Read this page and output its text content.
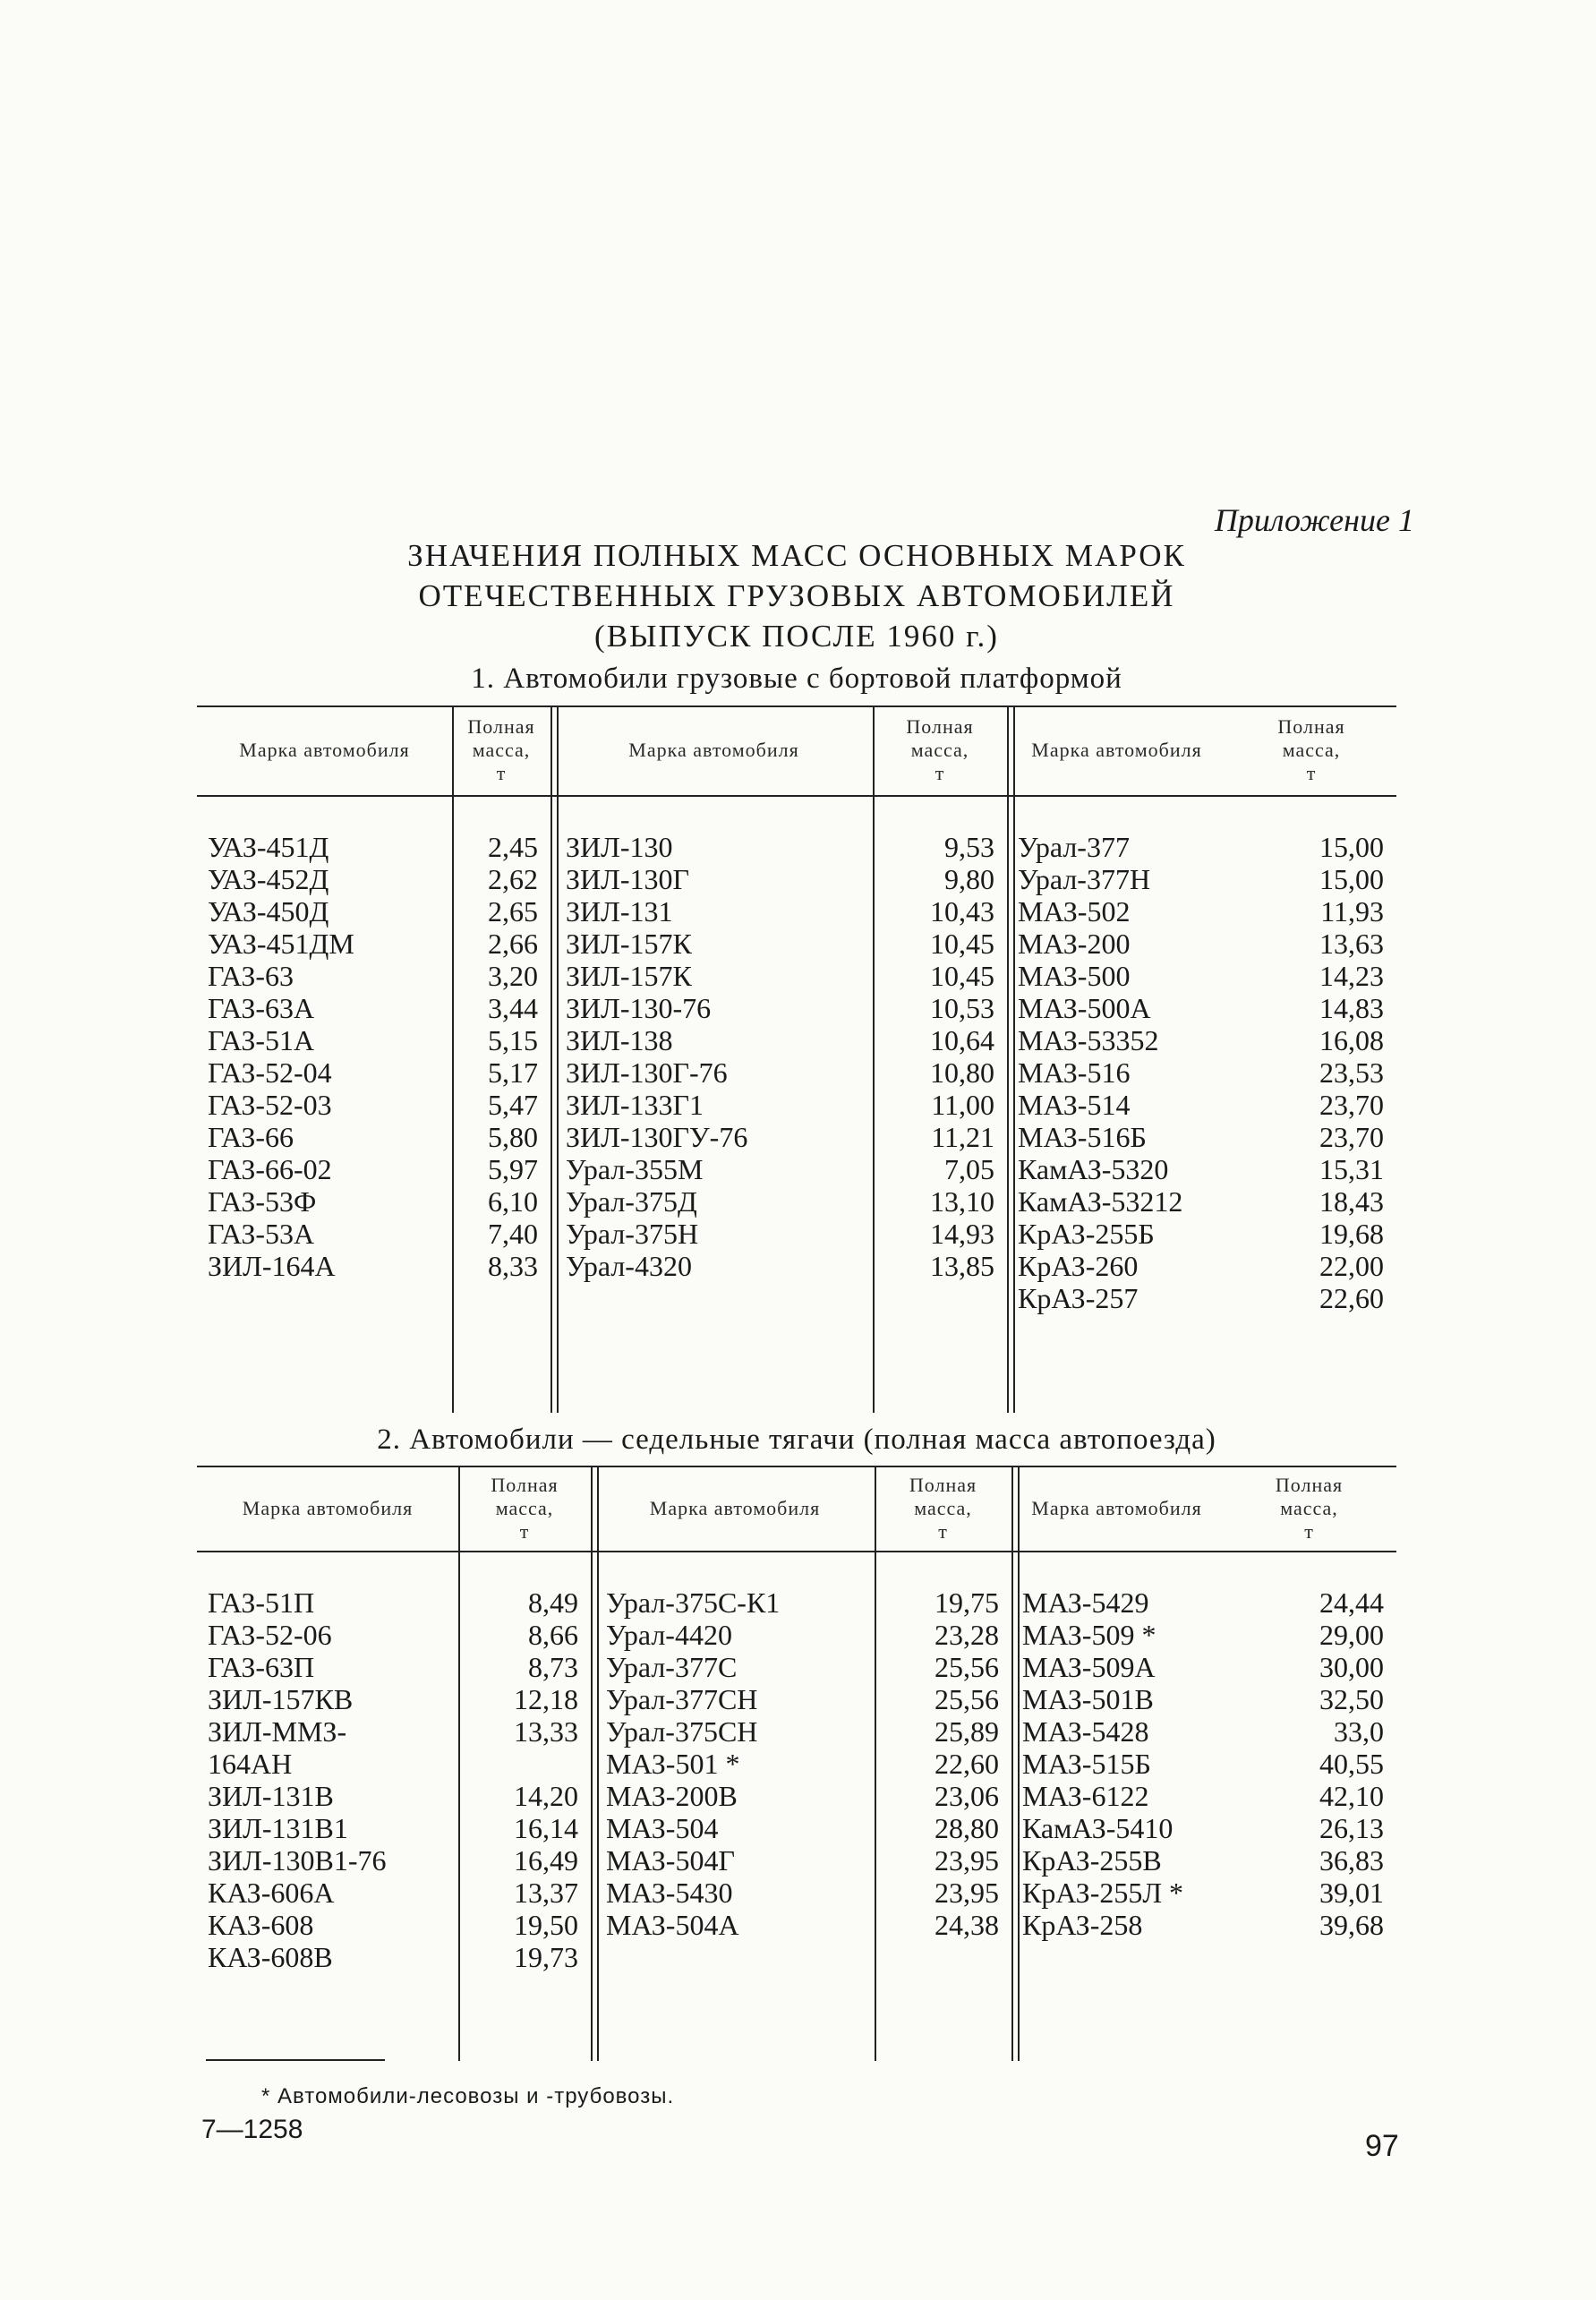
Приложение 1
ЗНАЧЕНИЯ ПОЛНЫХ МАСС ОСНОВНЫХ МАРОК
ОТЕЧЕСТВЕННЫХ ГРУЗОВЫХ АВТОМОБИЛЕЙ
(ВЫПУСК ПОСЛЕ 1960 г.)
1. Автомобили грузовые с бортовой платформой
Марка автомобиля
Полная
масса,
т
УАЗ-451Д
УАЗ-452Д
УАЗ-450Д
УАЗ-451ДМ
ГАЗ-63
ГАЗ-63А
ГАЗ-51А
ГАЗ-52-04
ГАЗ-52-03
ГАЗ-66
ГАЗ-66-02
ГАЗ-53Ф
ГАЗ-53А
ЗИЛ-164А
2,45
2,62
2,65
2,66
3,20
3,44
5,15
5,17
5,47
5,80
5,97
6,10
7,40
8,33
Марка автомобиля
Полная
масса,
т
ЗИЛ-130
ЗИЛ-130Г
ЗИЛ-131
ЗИЛ-157К
ЗИЛ-157К
ЗИЛ-130-76
ЗИЛ-138
ЗИЛ-130Г-76
ЗИЛ-133Г1
ЗИЛ-130ГУ-76
Урал-355М
Урал-375Д
Урал-375Н
Урал-4320
9,53
9,80
10,43
10,45
10,45
10,53
10,64
10,80
11,00
11,21
7,05
13,10
14,93
13,85
Марка автомобиля
Полная
масса,
т
Урал-377
Урал-377Н
МАЗ-502
МАЗ-200
МАЗ-500
МАЗ-500А
МАЗ-53352
МАЗ-516
МАЗ-514
МАЗ-516Б
КамАЗ-5320
КамАЗ-53212
КрАЗ-255Б
КрАЗ-260
КрАЗ-257
15,00
15,00
11,93
13,63
14,23
14,83
16,08
23,53
23,70
23,70
15,31
18,43
19,68
22,00
22,60
2. Автомобили — седельные тягачи (полная масса автопоезда)
Марка автомобиля
Полная
масса,
т
ГАЗ-51П
ГАЗ-52-06
ГАЗ-63П
ЗИЛ-157КВ
ЗИЛ-ММЗ-
164АН
ЗИЛ-131В
ЗИЛ-131В1
ЗИЛ-130В1-76
КАЗ-606А
КАЗ-608
КАЗ-608В
8,49
8,66
8,73
12,18
13,33
14,20
16,14
16,49
13,37
19,50
19,73
Марка автомобиля
Полная
масса,
т
Урал-375С-К1
Урал-4420
Урал-377С
Урал-377СН
Урал-375СН
МАЗ-501 *
МАЗ-200В
МАЗ-504
МАЗ-504Г
МАЗ-5430
МАЗ-504А
19,75
23,28
25,56
25,56
25,89
22,60
23,06
28,80
23,95
23,95
24,38
Марка автомобиля
Полная
масса,
т
МАЗ-5429
МАЗ-509 *
МАЗ-509А
МАЗ-501В
МАЗ-5428
МАЗ-515Б
МАЗ-6122
КамАЗ-5410
КрАЗ-255В
КрАЗ-255Л *
КрАЗ-258
24,44
29,00
30,00
32,50
33,0
40,55
42,10
26,13
36,83
39,01
39,68
* Автомобили-лесовозы и -трубовозы.
7—1258	97
